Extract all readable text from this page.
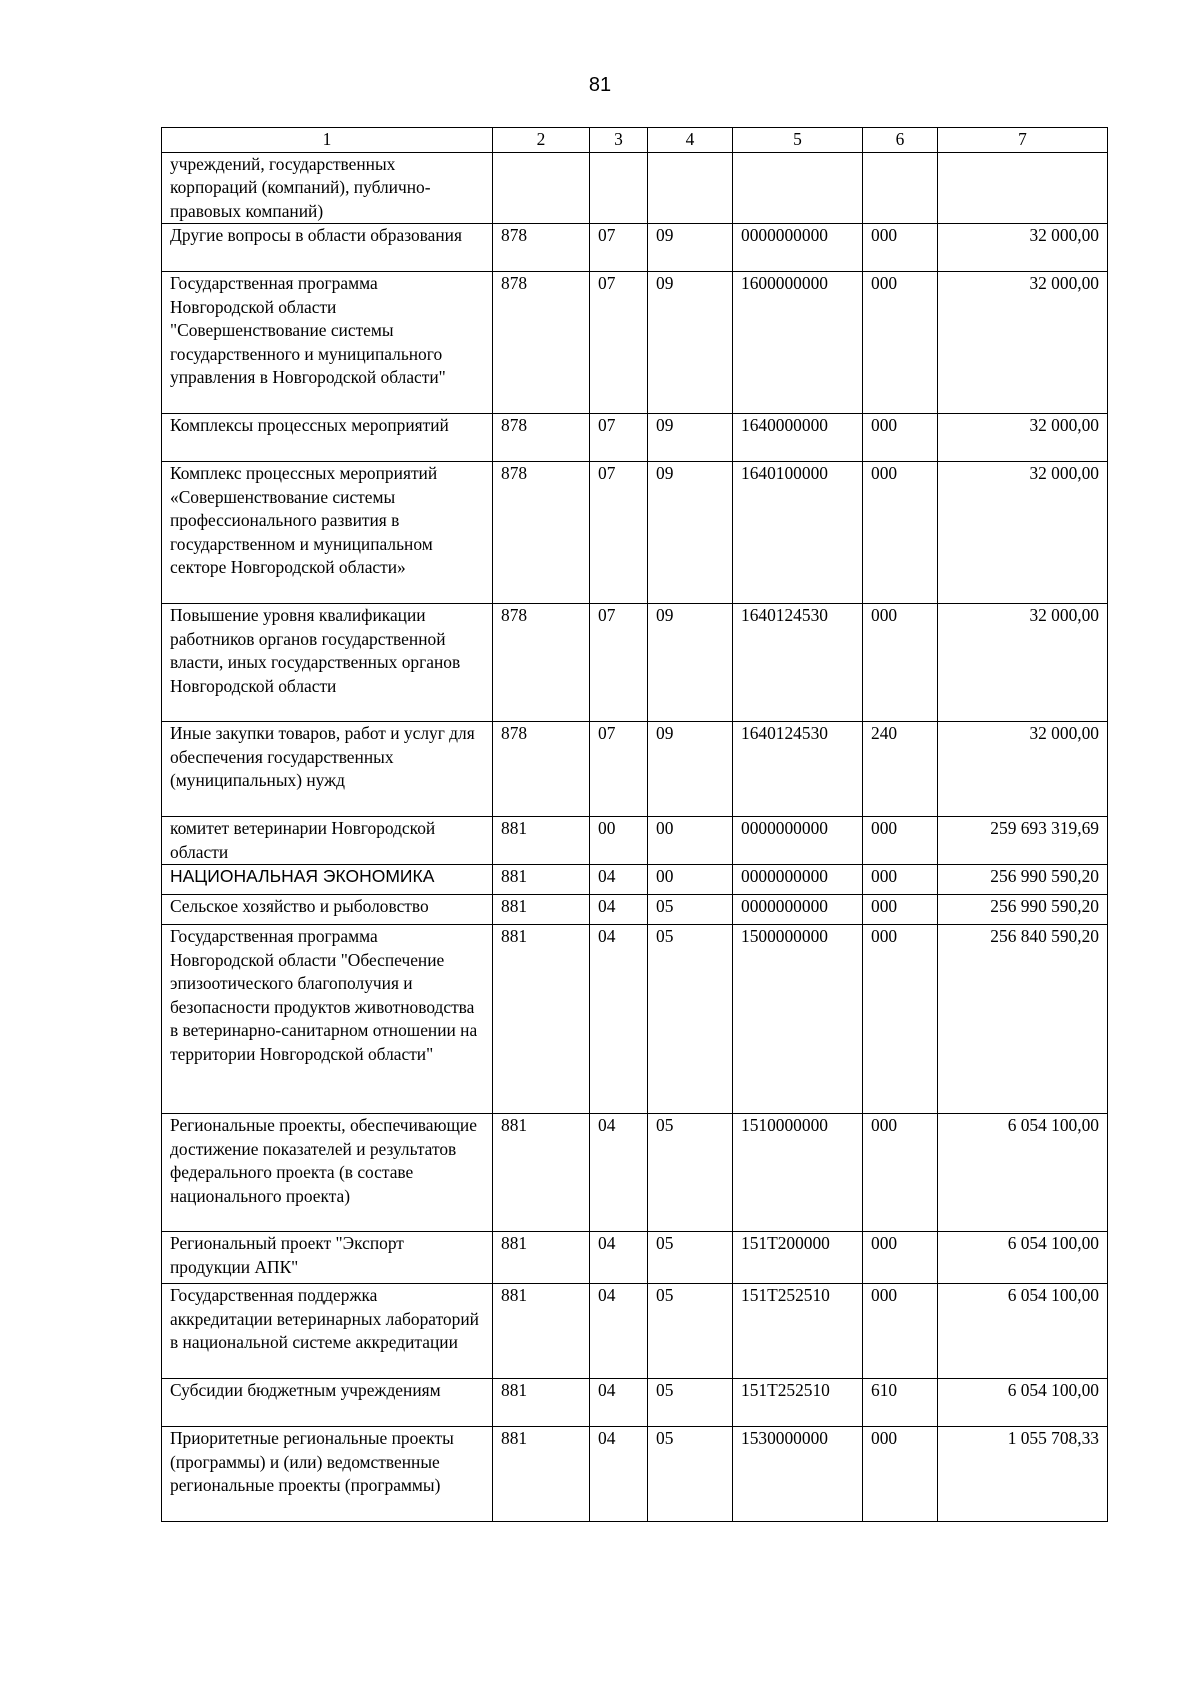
81
1	2	3	4	5	6	7
учреждений, государственных корпораций (компаний), публично-правовых компаний)						
Другие вопросы в области образования	878	07	09	0000000000	000	32 000,00
Государственная программа Новгородской области "Совершенствование системы государственного и муниципального управления в Новгородской области"	878	07	09	1600000000	000	32 000,00
Комплексы процессных мероприятий	878	07	09	1640000000	000	32 000,00
Комплекс процессных мероприятий «Совершенствование системы профессионального развития в государственном и муниципальном секторе Новгородской области»	878	07	09	1640100000	000	32 000,00
Повышение уровня квалификации работников органов государственной власти, иных государственных органов Новгородской области	878	07	09	1640124530	000	32 000,00
Иные закупки товаров, работ и услуг для обеспечения государственных (муниципальных) нужд	878	07	09	1640124530	240	32 000,00
комитет ветеринарии Новгородской области	881	00	00	0000000000	000	259 693 319,69
НАЦИОНАЛЬНАЯ ЭКОНОМИКА	881	04	00	0000000000	000	256 990 590,20
Сельское хозяйство и рыболовство	881	04	05	0000000000	000	256 990 590,20
Государственная программа Новгородской области "Обеспечение эпизоотического благополучия и безопасности продуктов животноводства в ветеринарно-санитарном отношении на территории Новгородской области"	881	04	05	1500000000	000	256 840 590,20
Региональные проекты, обеспечивающие достижение показателей и результатов федерального проекта (в составе национального проекта)	881	04	05	1510000000	000	6 054 100,00
Региональный проект "Экспорт продукции АПК"	881	04	05	151T200000	000	6 054 100,00
Государственная поддержка аккредитации ветеринарных лабораторий в национальной системе аккредитации	881	04	05	151T252510	000	6 054 100,00
Субсидии бюджетным учреждениям	881	04	05	151T252510	610	6 054 100,00
Приоритетные региональные проекты (программы) и (или) ведомственные региональные проекты (программы)	881	04	05	1530000000	000	1 055 708,33
